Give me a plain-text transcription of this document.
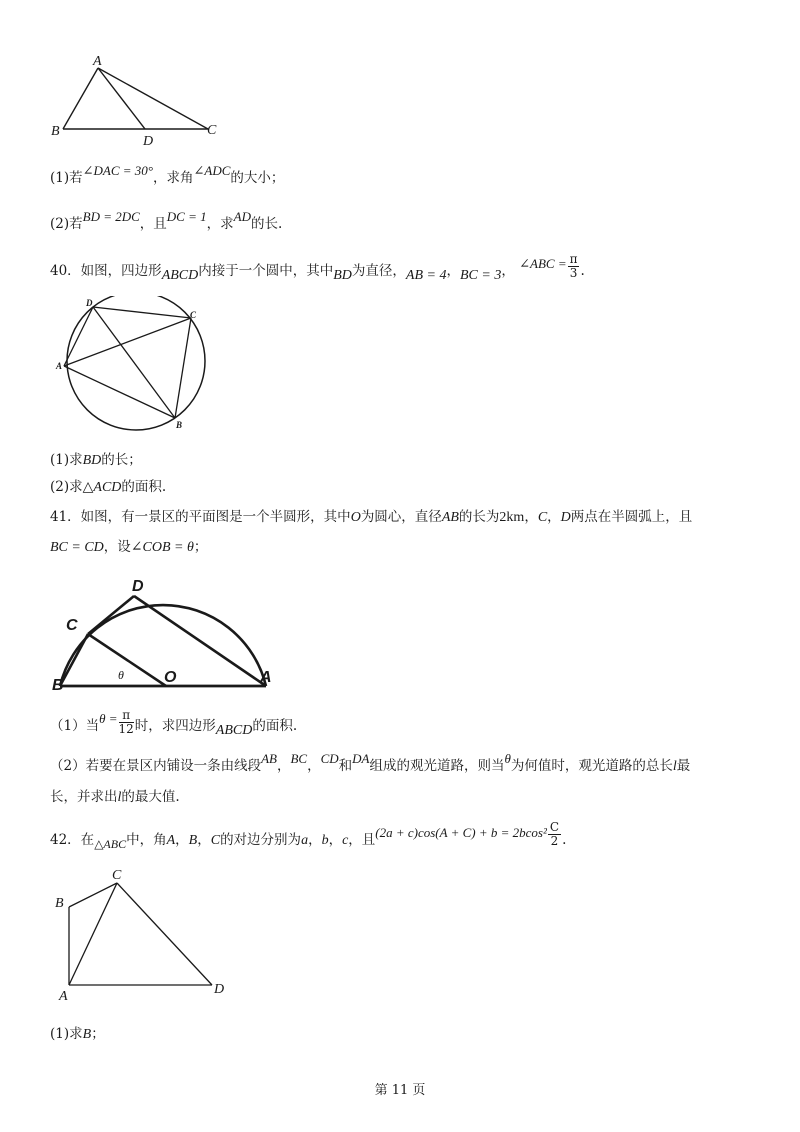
A
B
D
C
(1)若∠DAC = 30°，求角∠ADC的大小；
(2)若BD = 2DC，且DC = 1，求AD的长.
40．如图，四边形ABCD内接于一个圆中，其中BD为直径，AB = 4，BC = 3， ∠ABC = $\frac{\pi}{3}$ .
D
C
A
B
(1)求BD的长；
(2)求△ACD的面积.
41．如图，有一景区的平面图是一个半圆形，其中O为圆心，直径AB的长为2km，C，D两点在半圆弧上，且
BC = CD，设∠COB = θ；
D
C
B	O	A
θ
（1）当$\theta = \frac{\pi}{12}$ 时，求四边形ABCD的面积.
（2）若要在景区内铺设一条由线段AB，BC，CD和DA组成的观光道路，则当θ为何值时，观光道路的总长l最
长，并求出l的最大值.
42．在△ABC中，角A，B，C的对边分别为a，b，c，且$(2a + c)\cos(A + C) + b = 2bcos^2 \frac{C}{2}$ .
B
C
A	D
(1)求B；
第 11 页
